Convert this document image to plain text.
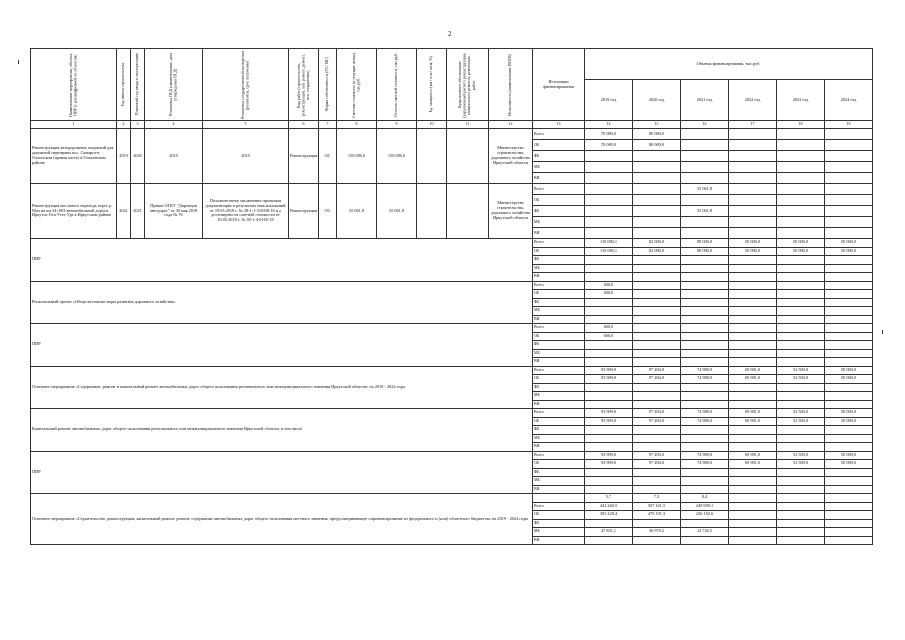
2
Наименование мероприятия, объекта, ПИР (с расшифровкой по объектам)	Год начала строительства	Плановый год ввода в эксплуатацию	Реквизиты ПСД (наименование, дата утверждения ПСД)	Реквизиты государственной экспертизы (реквизиты, срок получения)	Вид работ (строительство, реконструкция, кап. ремонт, ремонт, иск. сооружения)	Форма собственности (ГС/ МС)	Сметная стоимость (в текущих ценах), тыс.руб.	Остаток сметной стоимости, тыс.руб.	Ед. мощность (км / п.м./ кв.м, %)	Кумулятивное обоснование (укрупненный расчет) реконструкции, капитального ремонта, ремонтных работ	Исполнитель (наименование ИОГВ)	Источники финансирования	Объемы финансирования, тыс.руб.					
													2019 год	2020 год	2021 год	2022 год	2023 год	2024 год
1	2	3	4	5	6	7	8	9	10	11	12	13	14	15	16	17	18	19
Реконструкция автодорожных покрытий для дорожной переправы пос. Самарга-к-Олхонском (правая часть) в Ольхонском районе	2019	2020	2019	2019	Реконструкция	ОС	150 080,0	150 080,0			Министерство строительства, дорожного хозяйства Иркутской области	Всего	70 080,0	80 000,0				
												ОБ	70 080,0	80 000,0				
												ФБ						
												МБ						
												ВИ						
Реконструкция мостового перехода через р. Мал на км 34+003 автомобильной дороги Иркутск-Оса-Усть-Уда в Иркутском районе	2021	2021	Приказ ОГКУ "Дирекция автодорог" от 30 мая 2018 года № 76	Положительное заключение проектная документации и результаты инж.изысканий от 19.03.2018 г. № 38-1-1-3-0038-18 и о достоверности сметной стоимости от 10.05.2018 г. № 38-1-4-0165-18	Реконструкция	ОС	55 061,8	55 061,8			Министерство строительства, дорожного хозяйства Иркутской области	Всего			55 061,8			
												ОБ						
												ФБ			55 061,8			
												МБ						
												ВИ						
ПИР												Всего	110 080,1	82 000,0	88 000,0	50 000,0	50 000,0	50 000,0
												ОБ	110 080,1	82 000,0	88 000,0	50 000,0	50 000,0	50 000,0
												ФБ						
												МБ						
												ВИ						
Региональный проект «Общесистемные меры развития дорожного хозяйства»												Всего	600,0					
												ОБ	600,0					
												ФБ						
												МБ						
												ВИ						
ПИР												Всего	600,0					
												ОБ	600,0					
												ФБ						
												МБ						
												ВИ						
Основное мероприятие «Содержание, ремонт и капитальный ремонт автомобильных дорог общего пользования регионального или межмуниципального значения Иркутской области» на 2019 - 2024 годы												Всего	93 909,0	97 494,0	74 988,0	69 981,0	52 500,0	50 000,0
												ОБ	93 909,0	97 494,0	74 988,0	69 981,0	52 500,0	50 000,0
												ФБ						
												МБ						
												ВИ						
Капитальный ремонт автомобильных дорог общего пользования регионального или межмуниципального значения Иркутской области, в том числе												Всего	93 909,0	97 494,0	74 988,0	69 981,0	52 500,0	50 000,0
												ОБ	93 909,0	97 494,0	74 988,0	69 981,0	52 500,0	50 000,0
												ФБ						
												МБ						
												ВИ						
ПИР												Всего	93 909,0	97 494,0	74 988,0	69 981,0	52 500,0	50 000,0
												ОБ	93 909,0	97 494,0	74 988,0	69 981,0	52 500,0	50 000,0
												ФБ						
												МБ						
												ВИ						
Основное мероприятие «Строительство, реконструкция, капитальный ремонт, ремонт, содержание автомобильных дорог общего пользования местного значения, предусматривающее софинансирование из федерального и (или) областного бюджетов» на 2019 - 2024 годы													5,7	7,3	8,4			
												Всего	443 260,5	507 161,5	248 909,1			
												ОБ	395 429,4	470 191,3	236 182,6			
												ФБ						
												МБ	47 831,1	36 970,2	12 726,5			
												ВИ						
